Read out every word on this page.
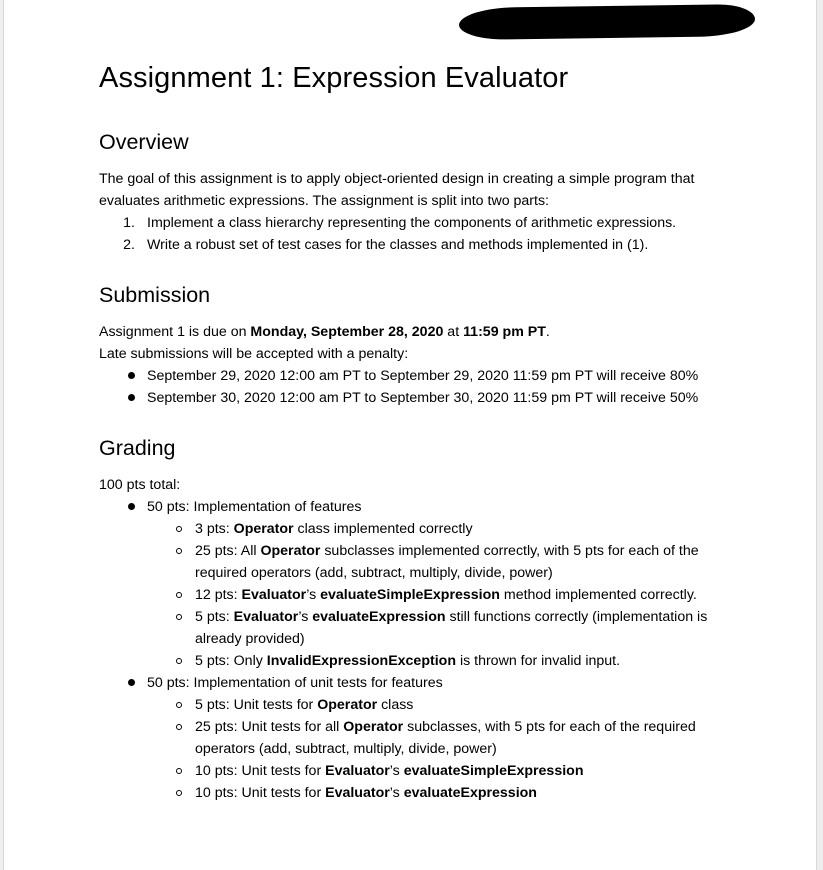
Assignment 1: Expression Evaluator
Overview

The goal of this assignment is to apply object-oriented design in creating a simple program that

evaluates arithmetic expressions. The assignment is split into two parts:

1. Implement a class hierarchy representing the components of arithmetic expressions.
2. Write a robust set of test cases for the classes and methods implemented in (1).
Submission

Assignment 1 is due on Monday, September 28, 2020 at 11:59 pm PT.

Late submissions will be accepted with a penalty:

September 29, 2020 12:00 am PT to September 29, 2020 11:59 pm PT will receive 80%
September 30, 2020 12:00 am PT to September 30, 2020 11:59 pm PT will receive 50%
Grading

100 pts total:

50 pts: Implementation of features
3 pts: Operator class implemented correctly
25 pts: All Operator subclasses implemented correctly, with 5 pts for each of the
required operators (add, subtract, multiply, divide, power)
12 pts: Evaluator’s evaluateSimpleExpression method implemented correctly.
5 pts: Evaluator’s evaluateExpression still functions correctly (implementation is
already provided)
5 pts: Only InvalidExpressionException is thrown for invalid input.
50 pts: Implementation of unit tests for features
5 pts: Unit tests for Operator class
25 pts: Unit tests for all Operator subclasses, with 5 pts for each of the required
operators (add, subtract, multiply, divide, power)
10 pts: Unit tests for Evaluator’s evaluateSimpleExpression
10 pts: Unit tests for Evaluator’s evaluateExpression
